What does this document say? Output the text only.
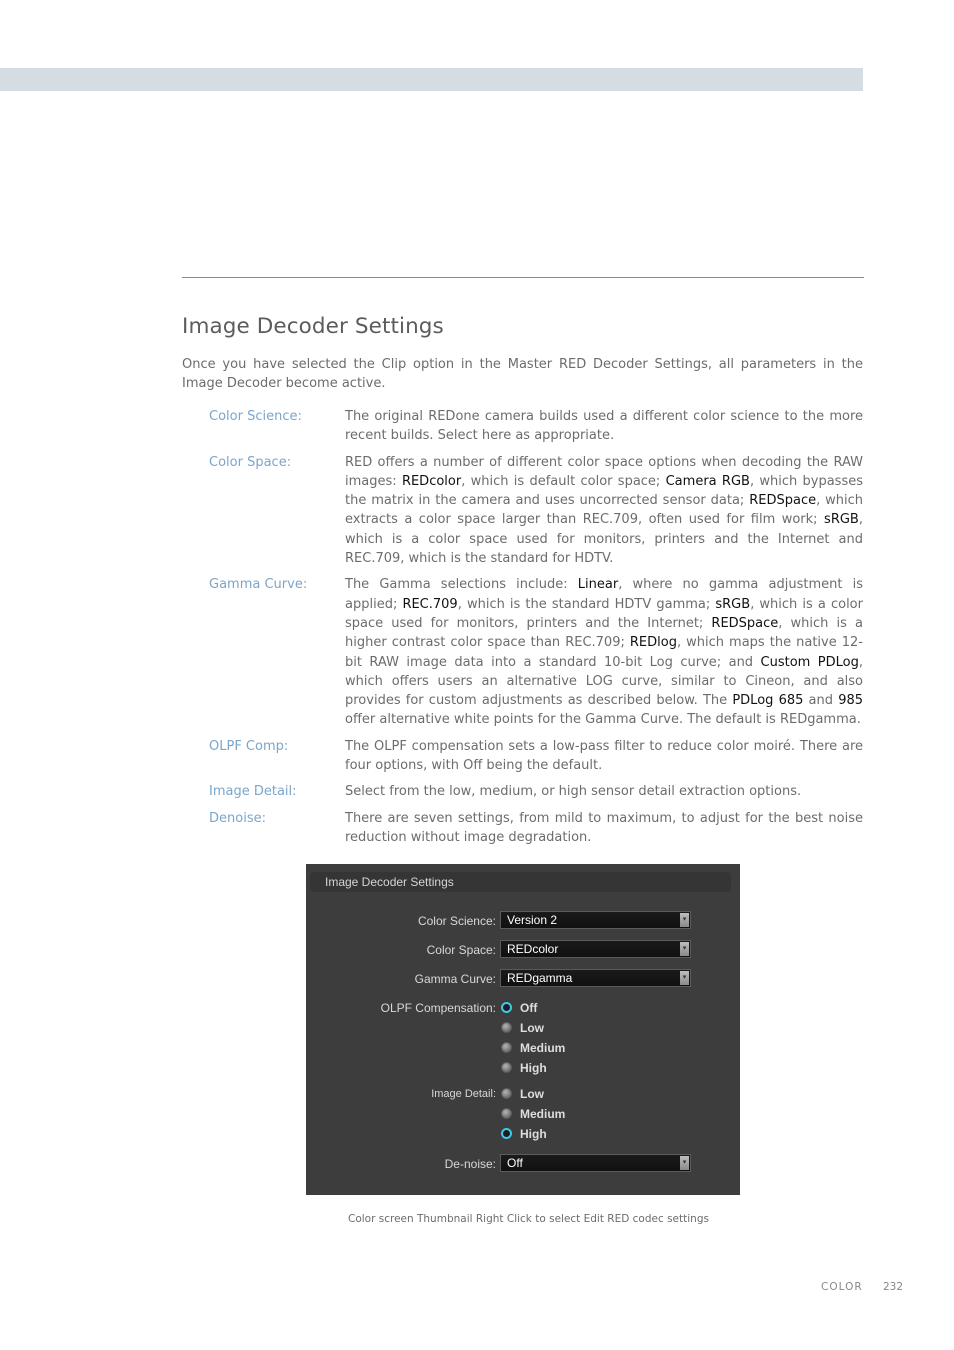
Image Decoder Settings

Once you have selected the Clip option in the Master RED Decoder Settings, all parameters in the Image Decoder become active.

Color Science:	The original REDone camera builds used a different color science to the more recent builds. Select here as appropriate.
Color Space:	RED offers a number of different color space options when decoding the RAW images: REDcolor, which is default color space; Camera RGB, which bypasses the matrix in the camera and uses uncorrected sensor data; REDSpace, which extracts a color space larger than REC.709, often used for film work; sRGB, which is a color space used for monitors, printers and the Internet and REC.709, which is the standard for HDTV.
Gamma Curve:	The Gamma selections include: Linear, where no gamma adjustment is applied; REC.709, which is the standard HDTV gamma; sRGB, which is a color space used for monitors, printers and the Internet; REDSpace, which is a higher contrast color space than REC.709; REDlog, which maps the native 12-bit RAW image data into a standard 10-bit Log curve; and Custom PDLog, which offers users an alternative LOG curve, similar to Cineon, and also provides for custom adjustments as described below. The PDLog 685 and 985 offer alternative white points for the Gamma Curve. The default is REDgamma.
OLPF Comp:	The OLPF compensation sets a low-pass filter to reduce color moiré. There are four options, with Off being the default.
Image Detail:	Select from the low, medium, or high sensor detail extraction options.
Denoise:	There are seven settings, from mild to maximum, to adjust for the best noise reduction without image degradation.
Image Decoder Settings
Color Science: Version 2	▾
Color Space: REDcolor	▾
Gamma Curve: REDgamma	▾
OLPF Compensation: Off
Low
Medium
High
Image Detail: Low
Medium
High
De-noise: Off	▾
Color screen Thumbnail Right Click to select Edit RED codec settings
COLOR 232
